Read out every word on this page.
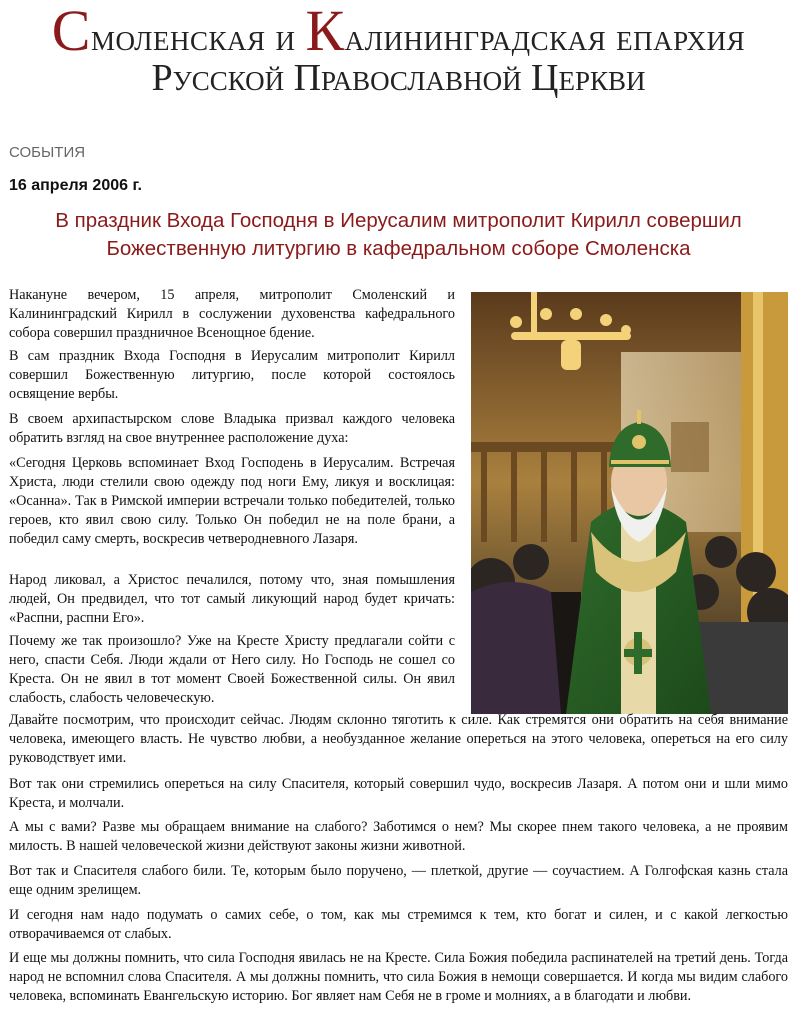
Смоленская и Калининградская епархия
Русской Православной Церкви
СОБЫТИЯ
16 апреля 2006 г.
В праздник Входа Господня в Иерусалим митрополит Кирилл совершил
Божественную литургию в кафедральном соборе Смоленска

Накануне вечером, 15 апреля, митрополит Смоленский и Калининградский Кирилл в сослужении духовенства кафедрального собора совершил праздничное Всенощное бдение.

В сам праздник Входа Господня в Иерусалим митрополит Кирилл совершил Божественную литургию, после которой состоялось освящение вербы.

В своем архипастырском слове Владыка призвал каждого человека обратить взгляд на свое внутреннее расположение духа:

«Сегодня Церковь вспоминает Вход Господень в Иерусалим. Встречая Христа, люди стелили свою одежду под ноги Ему, ликуя и восклицая: «Осанна». Так в Римской империи встречали только победителей, только героев, кто явил свою силу. Только Он победил не на поле брани, а победил саму смерть, воскресив четверодневного Лазаря.

Народ ликовал, а Христос печалился, потому что, зная помышления людей, Он предвидел, что тот самый ликующий народ будет кричать: «Распни, распни Его».

Почему же так произошло? Уже на Кресте Христу предлагали сойти с него, спасти Себя. Люди ждали от Него силу. Но Господь не сошел со Креста. Он не явил в тот момент Своей Божественной силы. Он явил слабость, слабость человеческую.

Давайте посмотрим, что происходит сейчас. Людям склонно тяготить к силе. Как стремятся они обратить на себя внимание человека, имеющего власть. Не чувство любви, а необузданное желание опереться на этого человека, опереться на его силу руководствует ими.

Вот так они стремились опереться на силу Спасителя, который совершил чудо, воскресив Лазаря. А потом они и шли мимо Креста, и молчали.

А мы с вами? Разве мы обращаем внимание на слабого? Заботимся о нем? Мы скорее пнем такого человека, а не проявим милость. В нашей человеческой жизни действуют законы жизни животной.

Вот так и Спасителя слабого били. Те, которым было поручено, — плеткой, другие — соучастием. А Голгофская казнь стала еще одним зрелищем.

И сегодня нам надо подумать о самих себе, о том, как мы стремимся к тем, кто богат и силен, и с какой легкостью отворачиваемся от слабых.

И еще мы должны помнить, что сила Господня явилась не на Кресте. Сила Божия победила распинателей на третий день. Тогда народ не вспомнил слова Спасителя. А мы должны помнить, что сила Божия в немощи совершается. И когда мы видим слабого человека, вспоминать Евангельскую историю. Бог являет нам Себя не в громе и молниях, а в благодати и любви.
